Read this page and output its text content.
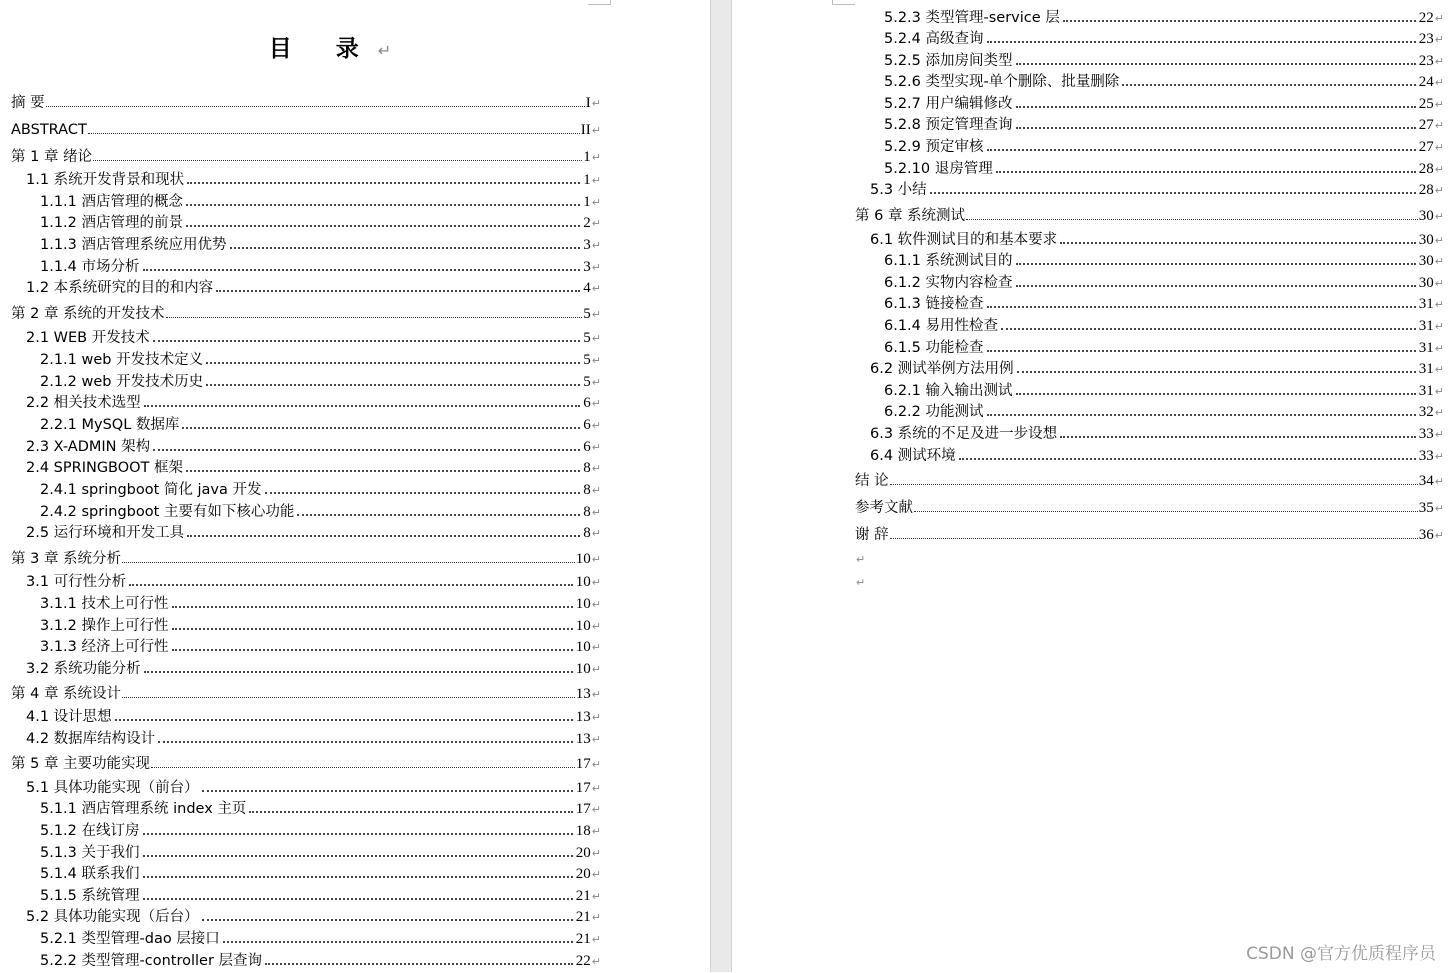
目 录↵
摘 要	I ↵
ABSTRACT	II ↵
第 1 章 绪论	1 ↵
1.1 系统开发背景和现状	1 ↵
1.1.1 酒店管理的概念	1 ↵
1.1.2 酒店管理的前景	2 ↵
1.1.3 酒店管理系统应用优势	3 ↵
1.1.4 市场分析	3 ↵
1.2 本系统研究的目的和内容	4 ↵
第 2 章 系统的开发技术	5 ↵
2.1 WEB 开发技术	5 ↵
2.1.1 web 开发技术定义	5 ↵
2.1.2 web 开发技术历史	5 ↵
2.2 相关技术选型	6 ↵
2.2.1 MySQL 数据库	6 ↵
2.3 X-ADMIN 架构	6 ↵
2.4 SPRINGBOOT 框架	8 ↵
2.4.1 springboot 简化 java 开发	8 ↵
2.4.2 springboot 主要有如下核心功能	8 ↵
2.5 运行环境和开发工具	8 ↵
第 3 章 系统分析	10 ↵
3.1 可行性分析	10 ↵
3.1.1 技术上可行性	10 ↵
3.1.2 操作上可行性	10 ↵
3.1.3 经济上可行性	10 ↵
3.2 系统功能分析	10 ↵
第 4 章 系统设计	13 ↵
4.1 设计思想	13 ↵
4.2 数据库结构设计	13 ↵
第 5 章 主要功能实现	17 ↵
5.1 具体功能实现（前台）	17 ↵
5.1.1 酒店管理系统 index 主页	17 ↵
5.1.2 在线订房	18 ↵
5.1.3 关于我们	20 ↵
5.1.4 联系我们	20 ↵
5.1.5 系统管理	21 ↵
5.2 具体功能实现（后台）	21 ↵
5.2.1 类型管理-dao 层接口	21 ↵
5.2.2 类型管理-controller 层查询	22 ↵
5.2.3 类型管理-service 层	22 ↵
5.2.4 高级查询	23 ↵
5.2.5 添加房间类型	23 ↵
5.2.6 类型实现-单个删除、批量删除	24 ↵
5.2.7 用户编辑修改	25 ↵
5.2.8 预定管理查询	27 ↵
5.2.9 预定审核	27 ↵
5.2.10 退房管理	28 ↵
5.3 小结	28 ↵
第 6 章 系统测试	30 ↵
6.1 软件测试目的和基本要求	30 ↵
6.1.1 系统测试目的	30 ↵
6.1.2 实物内容检查	30 ↵
6.1.3 链接检查	31 ↵
6.1.4 易用性检查	31 ↵
6.1.5 功能检查	31 ↵
6.2 测试举例方法用例	31 ↵
6.2.1 输入输出测试	31 ↵
6.2.2 功能测试	32 ↵
6.3 系统的不足及进一步设想	33 ↵
6.4 测试环境	33 ↵
结 论	34 ↵
参考文献	35 ↵
谢 辞	36 ↵
↵
↵
CSDN @官方优质程序员
